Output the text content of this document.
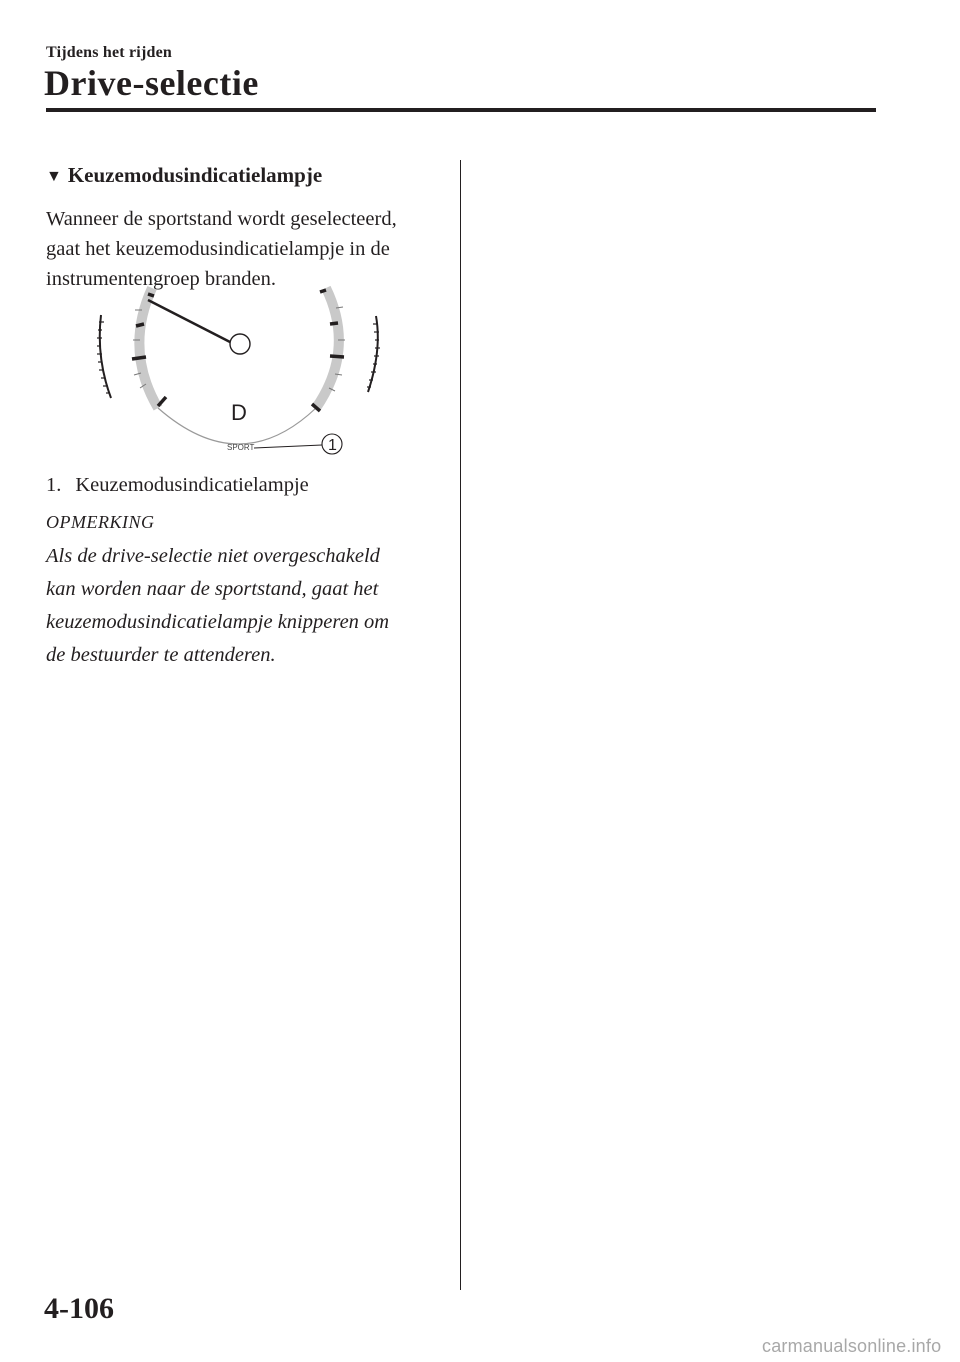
Tijdens het rijden
Drive-selectie
▼ Keuzemodusindicatielampje
Wanneer de sportstand wordt geselecteerd,
gaat het keuzemodusindicatielampje in de
instrumentengroep branden.
D
SPORT	1
1. Keuzemodusindicatielampje
OPMERKING
Als de drive-selectie niet overgeschakeld
kan worden naar de sportstand, gaat het
keuzemodusindicatielampje knipperen om
de bestuurder te attenderen.
4-106
carmanualsonline.info
